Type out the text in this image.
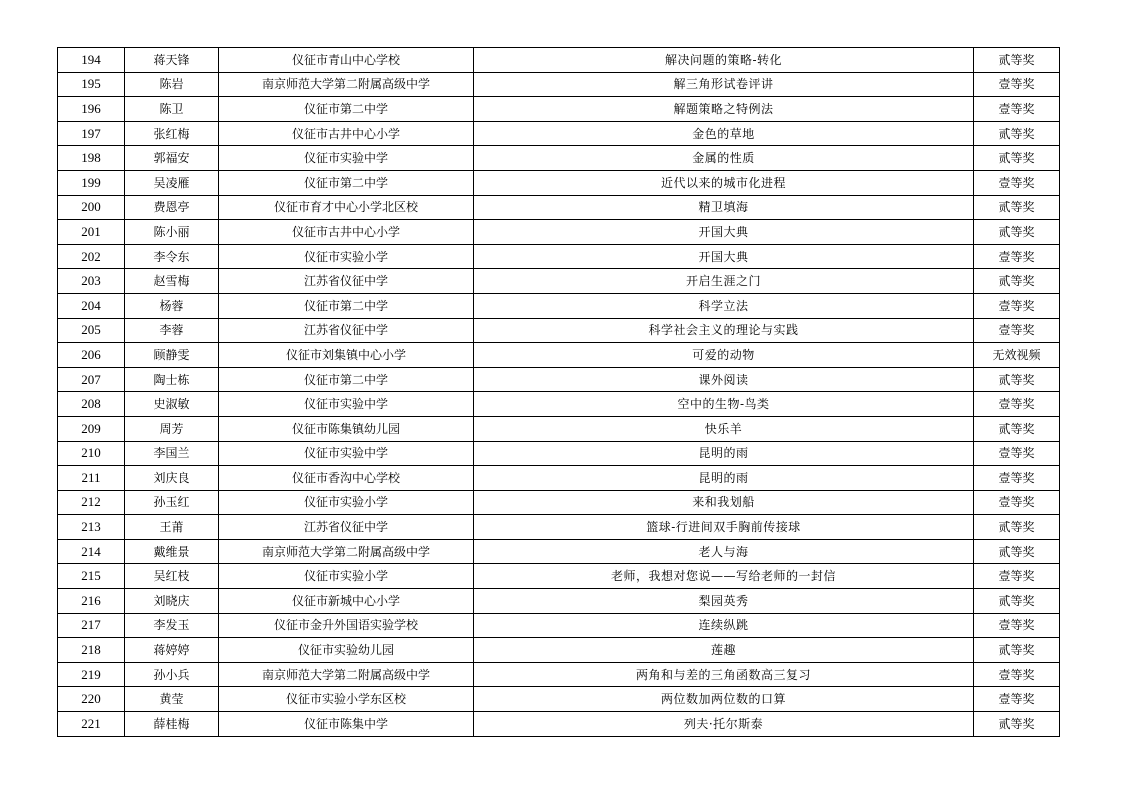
194	蒋天锋	仪征市青山中心学校	解决问题的策略-转化	贰等奖
195	陈岩	南京师范大学第二附属高级中学	解三角形试卷评讲	壹等奖
196	陈卫	仪征市第二中学	解题策略之特例法	壹等奖
197	张红梅	仪征市古井中心小学	金色的草地	贰等奖
198	郭福安	仪征市实验中学	金属的性质	贰等奖
199	吴凌雁	仪征市第二中学	近代以来的城市化进程	壹等奖
200	费恩亭	仪征市育才中心小学北区校	精卫填海	贰等奖
201	陈小丽	仪征市古井中心小学	开国大典	贰等奖
202	李令东	仪征市实验小学	开国大典	壹等奖
203	赵雪梅	江苏省仪征中学	开启生涯之门	贰等奖
204	杨蓉	仪征市第二中学	科学立法	壹等奖
205	李蓉	江苏省仪征中学	科学社会主义的理论与实践	壹等奖
206	顾静雯	仪征市刘集镇中心小学	可爱的动物	无效视频
207	陶士栋	仪征市第二中学	课外阅读	贰等奖
208	史淑敏	仪征市实验中学	空中的生物-鸟类	壹等奖
209	周芳	仪征市陈集镇幼儿园	快乐羊	贰等奖
210	李国兰	仪征市实验中学	昆明的雨	壹等奖
211	刘庆良	仪征市香沟中心学校	昆明的雨	壹等奖
212	孙玉红	仪征市实验小学	来和我划船	壹等奖
213	王莆	江苏省仪征中学	篮球-行进间双手胸前传接球	贰等奖
214	戴维景	南京师范大学第二附属高级中学	老人与海	贰等奖
215	吴红枝	仪征市实验小学	老师，我想对您说——写给老师的一封信	壹等奖
216	刘晓庆	仪征市新城中心小学	梨园英秀	贰等奖
217	李发玉	仪征市金升外国语实验学校	连续纵跳	壹等奖
218	蒋婷婷	仪征市实验幼儿园	莲趣	贰等奖
219	孙小兵	南京师范大学第二附属高级中学	两角和与差的三角函数高三复习	壹等奖
220	黄莹	仪征市实验小学东区校	两位数加两位数的口算	壹等奖
221	薛桂梅	仪征市陈集中学	列夫·托尔斯泰	贰等奖
